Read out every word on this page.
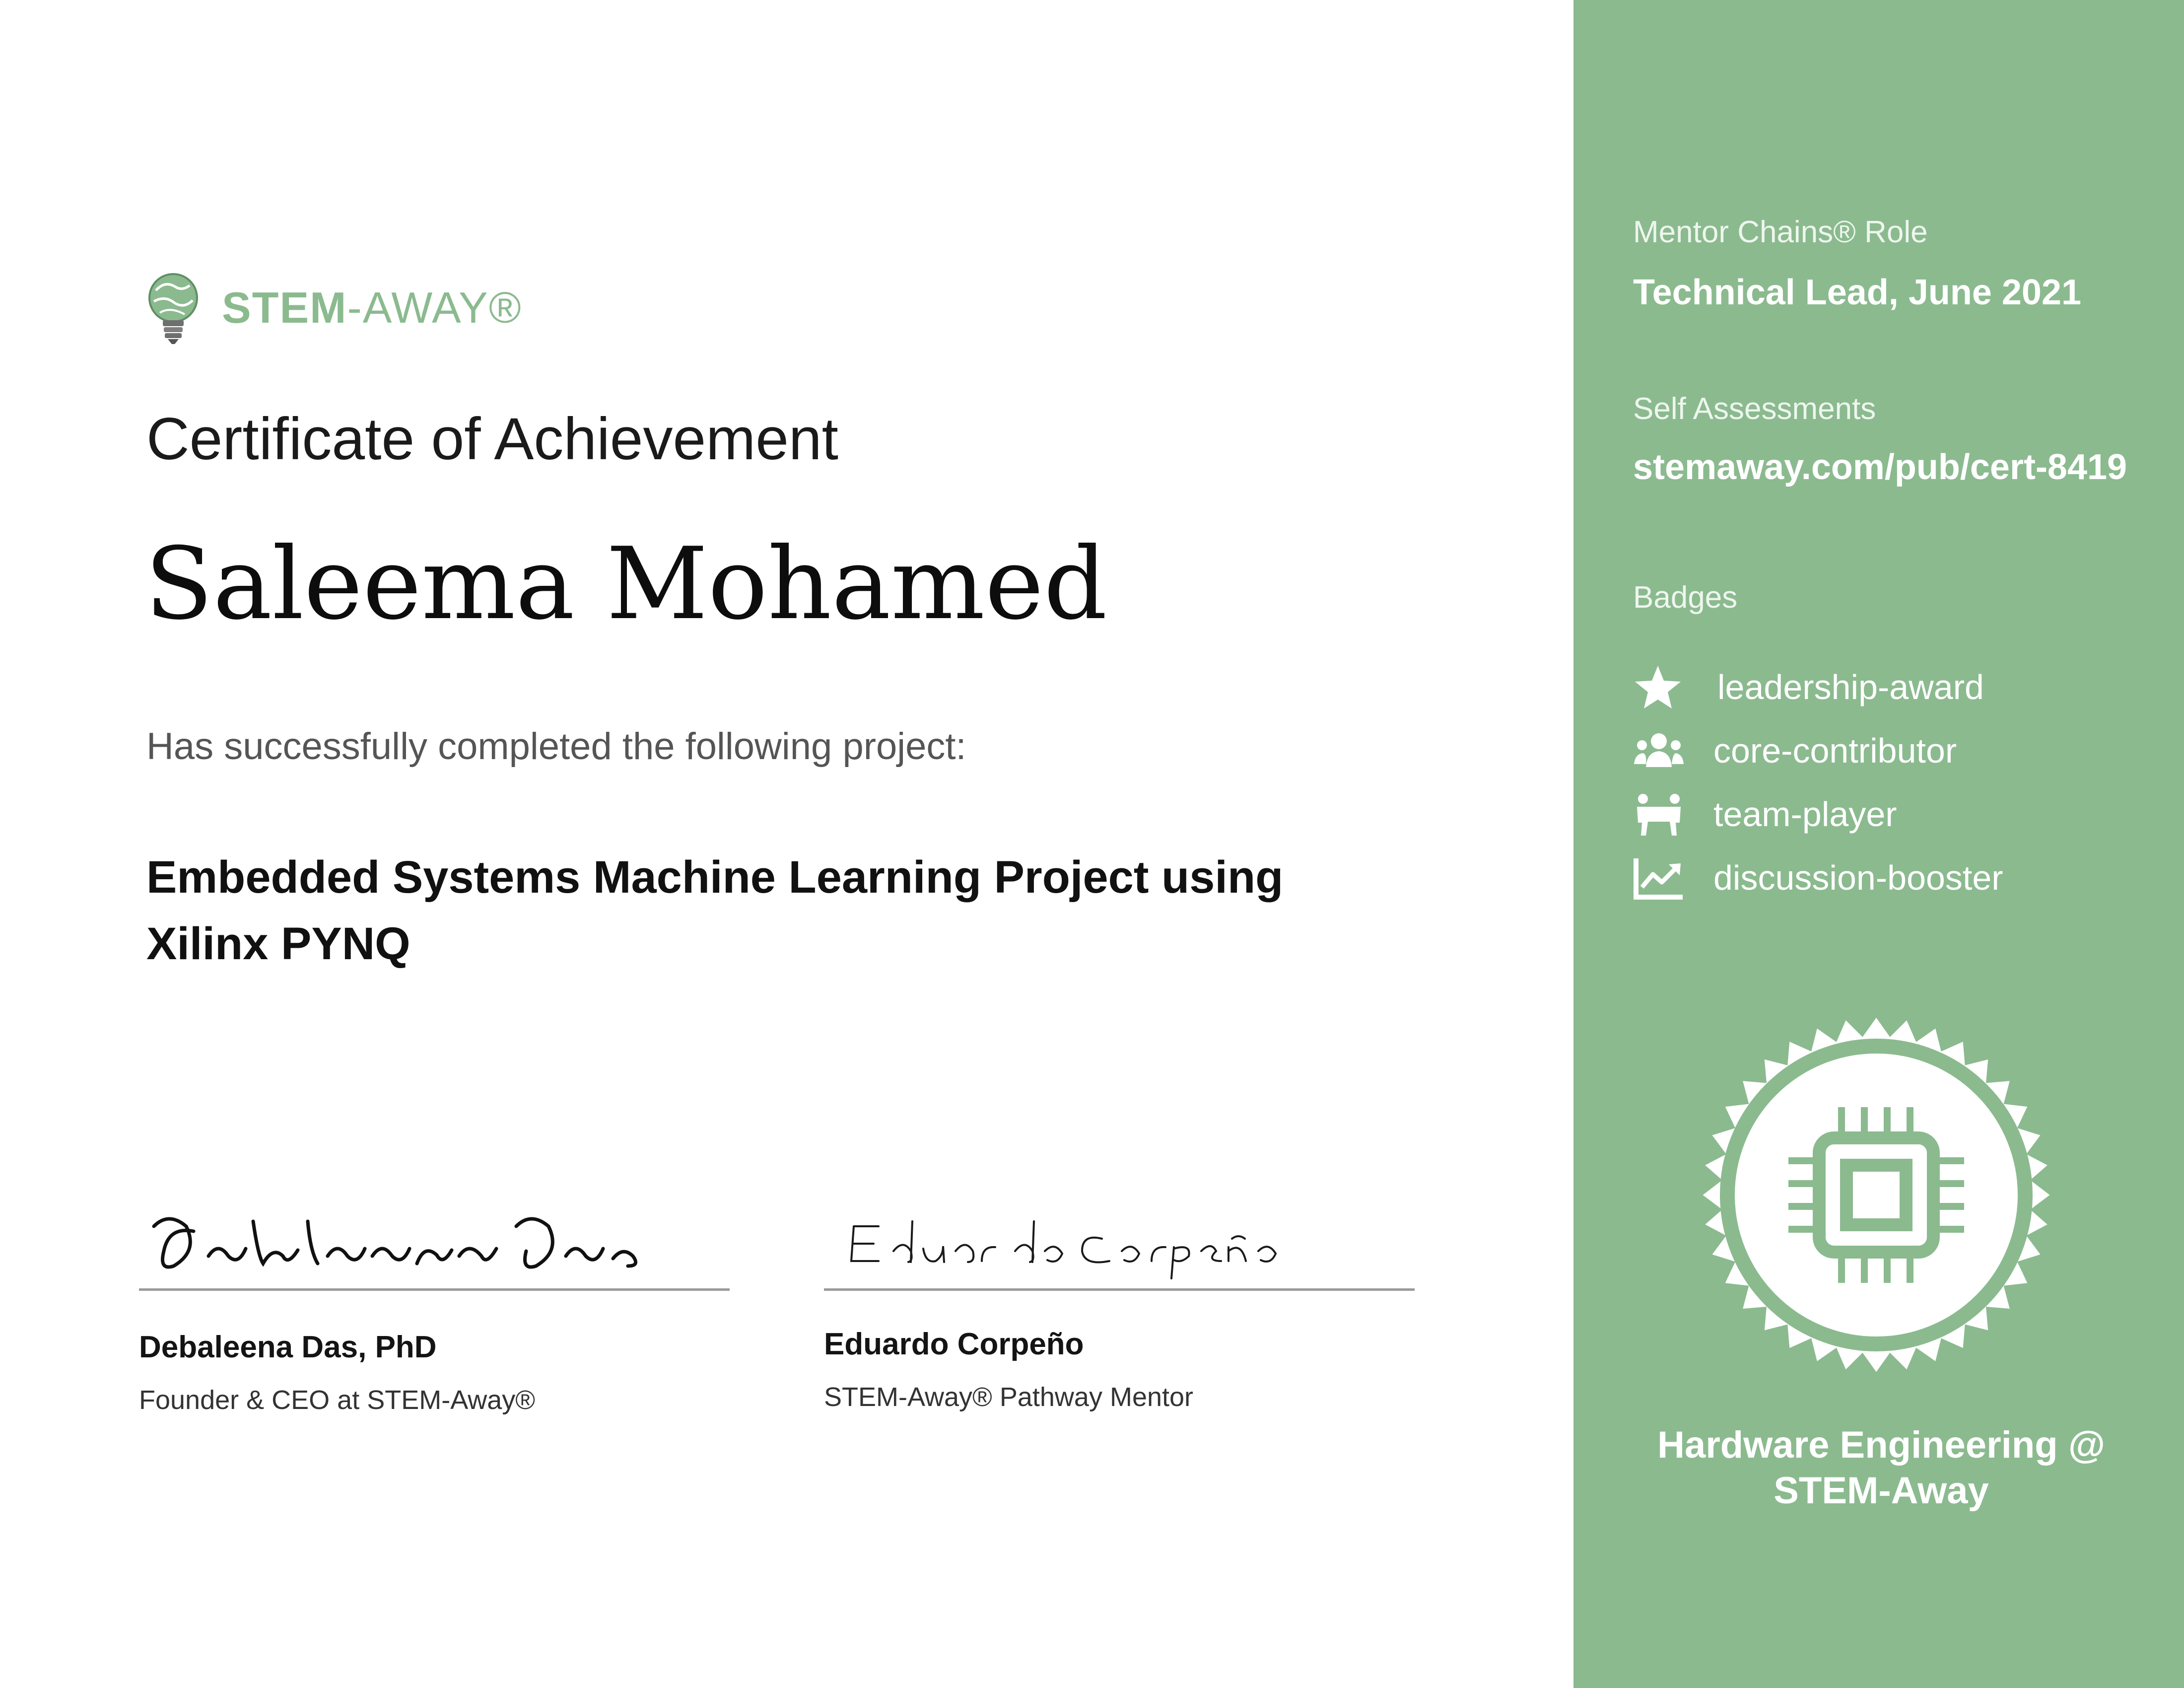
STEM-AWAY®
Certificate of Achievement
Saleema Mohamed
Has successfully completed the following project:
Embedded Systems Machine Learning Project using
Xilinx PYNQ
Debaleena Das, PhD
Founder & CEO at STEM-Away®
Eduardo Corpeño
STEM-Away® Pathway Mentor
Mentor Chains® Role
Technical Lead, June 2021
Self Assessments
stemaway.com/pub/cert-8419
Badges
leadership-award
core-contributor
team-player
discussion-booster
Hardware Engineering @
STEM-Away
